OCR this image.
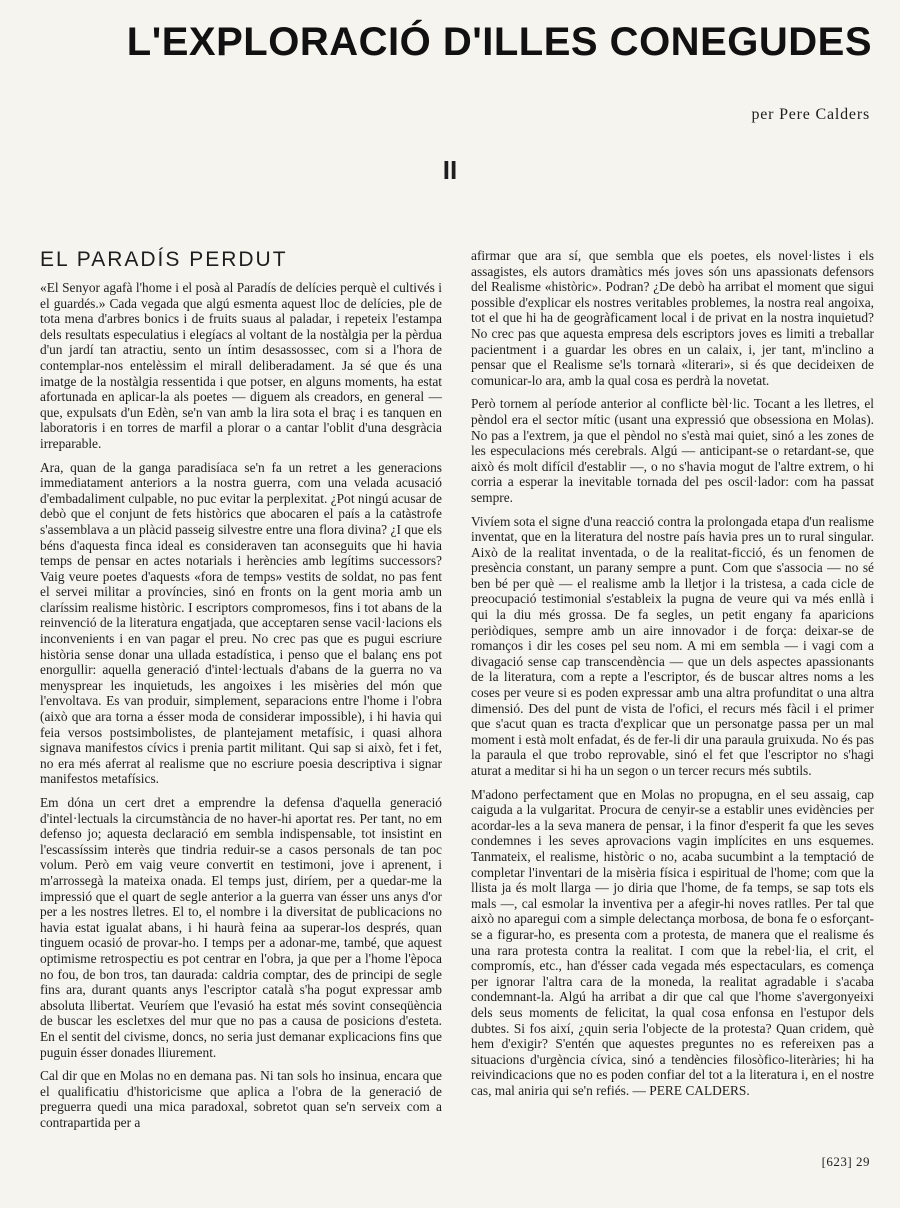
L'EXPLORACIÓ D'ILLES CONEGUDES
per Pere Calders
II
EL PARADÍS PERDUT

«El Senyor agafà l'home i el posà al Paradís de delícies perquè el cultivés i el guardés.» Cada vegada que algú esmenta aquest lloc de delícies, ple de tota mena d'arbres bonics i de fruits suaus al paladar, i repeteix l'estampa dels resultats especulatius i elegíacs al voltant de la nostàlgia per la pèrdua d'un jardí tan atractiu, sento un íntim desassossec, com si a l'hora de contemplar-nos entelèssim el mirall deliberadament. Ja sé que és una imatge de la nostàlgia ressentida i que potser, en alguns moments, ha estat afortunada en aplicar-la als poetes — diguem als creadors, en general — que, expulsats d'un Edèn, se'n van amb la lira sota el braç i es tanquen en laboratoris i en torres de marfil a plorar o a cantar l'oblit d'una desgràcia irreparable.

Ara, quan de la ganga paradisíaca se'n fa un retret a les generacions immediatament anteriors a la nostra guerra, com una velada acusació d'embadaliment culpable, no puc evitar la perplexitat. ¿Pot ningú acusar de debò que el conjunt de fets històrics que abocaren el país a la catàstrofe s'assemblava a un plàcid passeig silvestre entre una flora divina? ¿I que els béns d'aquesta finca ideal es consideraven tan aconseguits que hi havia temps de pensar en actes notarials i herències amb legítims successors? Vaig veure poetes d'aquests «fora de temps» vestits de soldat, no pas fent el servei militar a províncies, sinó en fronts on la gent moria amb un claríssim realisme històric. I escriptors compromesos, fins i tot abans de la reinvenció de la literatura engatjada, que acceptaren sense vacil·lacions els inconvenients i en van pagar el preu. No crec pas que es pugui escriure història sense donar una ullada estadística, i penso que el balanç ens pot enorgullir: aquella generació d'intel·lectuals d'abans de la guerra no va menysprear les inquietuds, les angoixes i les misèries del món que l'envoltava. Es van produir, simplement, separacions entre l'home i l'obra (això que ara torna a ésser moda de considerar impossible), i hi havia qui feia versos postsimbolistes, de plantejament metafísic, i quasi alhora signava manifestos cívics i prenia partit militant. Qui sap si això, fet i fet, no era més aferrat al realisme que no escriure poesia descriptiva i signar manifestos metafísics.

Em dóna un cert dret a emprendre la defensa d'aquella generació d'intel·lectuals la circumstància de no haver-hi aportat res. Per tant, no em defenso jo; aquesta declaració em sembla indispensable, tot insistint en l'escassíssim interès que tindria reduir-se a casos personals de tan poc volum. Però em vaig veure convertit en testimoni, jove i aprenent, i m'arrossegà la mateixa onada. El temps just, diríem, per a quedar-me la impressió que el quart de segle anterior a la guerra van ésser uns anys d'or per a les nostres lletres. El to, el nombre i la diversitat de publicacions no havia estat igualat abans, i hi haurà feina aa superar-los després, quan tinguem ocasió de provar-ho. I temps per a adonar-me, també, que aquest optimisme retrospectiu es pot centrar en l'obra, ja que per a l'home l'època no fou, de bon tros, tan daurada: caldria comptar, des de principi de segle fins ara, durant quants anys l'escriptor català s'ha pogut expressar amb absoluta llibertat. Veuríem que l'evasió ha estat més sovint conseqüència de buscar les escletxes del mur que no pas a causa de posicions d'esteta. En el sentit del civisme, doncs, no seria just demanar explicacions fins que puguin ésser donades lliurement.

Cal dir que en Molas no en demana pas. Ni tan sols ho insinua, encara que el qualificatiu d'historicisme que aplica a l'obra de la generació de preguerra quedi una mica paradoxal, sobretot quan se'n serveix com a contrapartida per a

afirmar que ara sí, que sembla que els poetes, els novel·listes i els assagistes, els autors dramàtics més joves són uns apassionats defensors del Realisme «històric». Podran? ¿De debò ha arribat el moment que sigui possible d'explicar els nostres veritables problemes, la nostra real angoixa, tot el que hi ha de geogràficament local i de privat en la nostra inquietud? No crec pas que aquesta empresa dels escriptors joves es limiti a treballar pacientment i a guardar les obres en un calaix, i, jer tant, m'inclino a pensar que el Realisme se'ls tornarà «literari», si és que decideixen de comunicar-lo ara, amb la qual cosa es perdrà la novetat.

Però tornem al període anterior al conflicte bèl·lic. Tocant a les lletres, el pèndol era el sector mític (usant una expressió que obsessiona en Molas). No pas a l'extrem, ja que el pèndol no s'està mai quiet, sinó a les zones de les especulacions més cerebrals. Algú — anticipant-se o retardant-se, que això és molt difícil d'establir —, o no s'havia mogut de l'altre extrem, o hi corria a esperar la inevitable tornada del pes oscil·lador: com ha passat sempre.

Vivíem sota el signe d'una reacció contra la prolongada etapa d'un realisme inventat, que en la literatura del nostre país havia pres un to rural singular. Això de la realitat inventada, o de la realitat-ficció, és un fenomen de presència constant, un parany sempre a punt. Com que s'associa — no sé ben bé per què — el realisme amb la lletjor i la tristesa, a cada cicle de preocupació testimonial s'estableix la pugna de veure qui va més enllà i qui la diu més grossa. De fa segles, un petit engany fa aparicions periòdiques, sempre amb un aire innovador i de força: deixar-se de romanços i dir les coses pel seu nom. A mi em sembla — i vagi com a divagació sense cap transcendència — que un dels aspectes apassionants de la literatura, com a repte a l'escriptor, és de buscar altres noms a les coses per veure si es poden expressar amb una altra profunditat o una altra dimensió. Des del punt de vista de l'ofici, el recurs més fàcil i el primer que s'acut quan es tracta d'explicar que un personatge passa per un mal moment i està molt enfadat, és de fer-li dir una paraula gruixuda. No és pas la paraula el que trobo reprovable, sinó el fet que l'escriptor no s'hagi aturat a meditar si hi ha un segon o un tercer recurs més subtils.

M'adono perfectament que en Molas no propugna, en el seu assaig, cap caiguda a la vulgaritat. Procura de cenyir-se a establir unes evidències per acordar-les a la seva manera de pensar, i la finor d'esperit fa que les seves condemnes i les seves aprovacions vagin implícites en uns esquemes. Tanmateix, el realisme, històric o no, acaba sucumbint a la temptació de completar l'inventari de la misèria física i espiritual de l'home; com que la llista ja és molt llarga — jo diria que l'home, de fa temps, se sap tots els mals —, cal esmolar la inventiva per a afegir-hi noves ratlles. Per tal que això no aparegui com a simple delectança morbosa, de bona fe o esforçant-se a figurar-ho, es presenta com a protesta, de manera que el realisme és una rara protesta contra la realitat. I com que la rebel·lia, el crit, el compromís, etc., han d'ésser cada vegada més espectaculars, es comença per ignorar l'altra cara de la moneda, la realitat agradable i s'acaba condemnant-la. Algú ha arribat a dir que cal que l'home s'avergonyeixi dels seus moments de felicitat, la qual cosa enfonsa en l'estupor dels dubtes. Si fos així, ¿quin seria l'objecte de la protesta? Quan cridem, què hem d'exigir? S'entén que aquestes preguntes no es refereixen pas a situacions d'urgència cívica, sinó a tendències filosòfico-literàries; hi ha reivindicacions que no es poden confiar del tot a la literatura i, en el nostre cas, mal aniria qui se'n refiés. — PERE CALDERS.

[623] 29
